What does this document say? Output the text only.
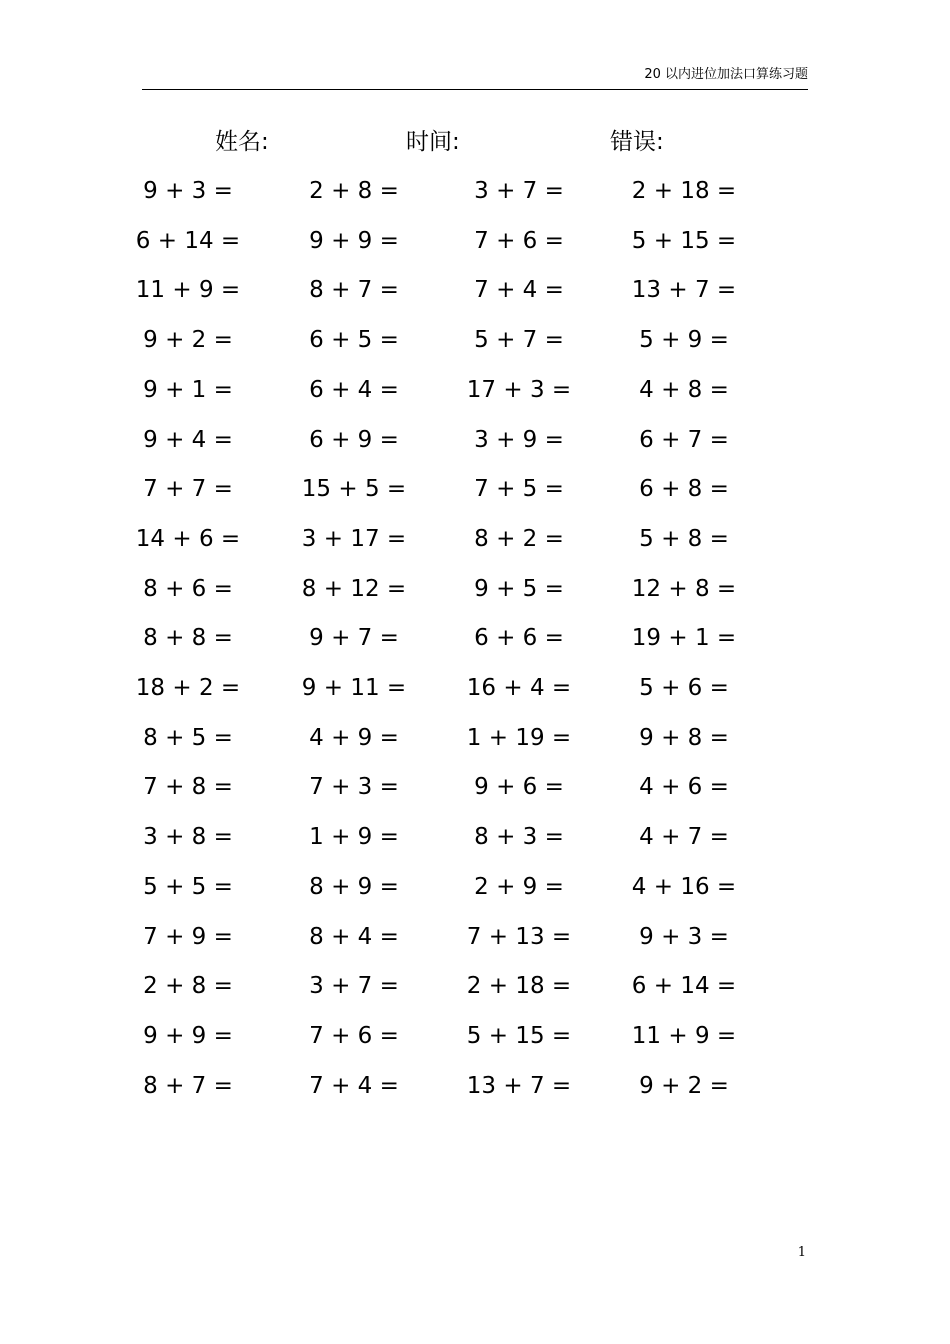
20 以内进位加法口算练习题
姓名:	时间:	错误:
9 + 3 =	2 + 8 =	3 + 7 =	2 + 18 =
6 + 14 =	9 + 9 =	7 + 6 =	5 + 15 =
11 + 9 =	8 + 7 =	7 + 4 =	13 + 7 =
9 + 2 =	6 + 5 =	5 + 7 =	5 + 9 =
9 + 1 =	6 + 4 =	17 + 3 =	4 + 8 =
9 + 4 =	6 + 9 =	3 + 9 =	6 + 7 =
7 + 7 =	15 + 5 =	7 + 5 =	6 + 8 =
14 + 6 =	3 + 17 =	8 + 2 =	5 + 8 =
8 + 6 =	8 + 12 =	9 + 5 =	12 + 8 =
8 + 8 =	9 + 7 =	6 + 6 =	19 + 1 =
18 + 2 =	9 + 11 =	16 + 4 =	5 + 6 =
8 + 5 =	4 + 9 =	1 + 19 =	9 + 8 =
7 + 8 =	7 + 3 =	9 + 6 =	4 + 6 =
3 + 8 =	1 + 9 =	8 + 3 =	4 + 7 =
5 + 5 =	8 + 9 =	2 + 9 =	4 + 16 =
7 + 9 =	8 + 4 =	7 + 13 =	9 + 3 =
2 + 8 =	3 + 7 =	2 + 18 =	6 + 14 =
9 + 9 =	7 + 6 =	5 + 15 =	11 + 9 =
8 + 7 =	7 + 4 =	13 + 7 =	9 + 2 =
1
